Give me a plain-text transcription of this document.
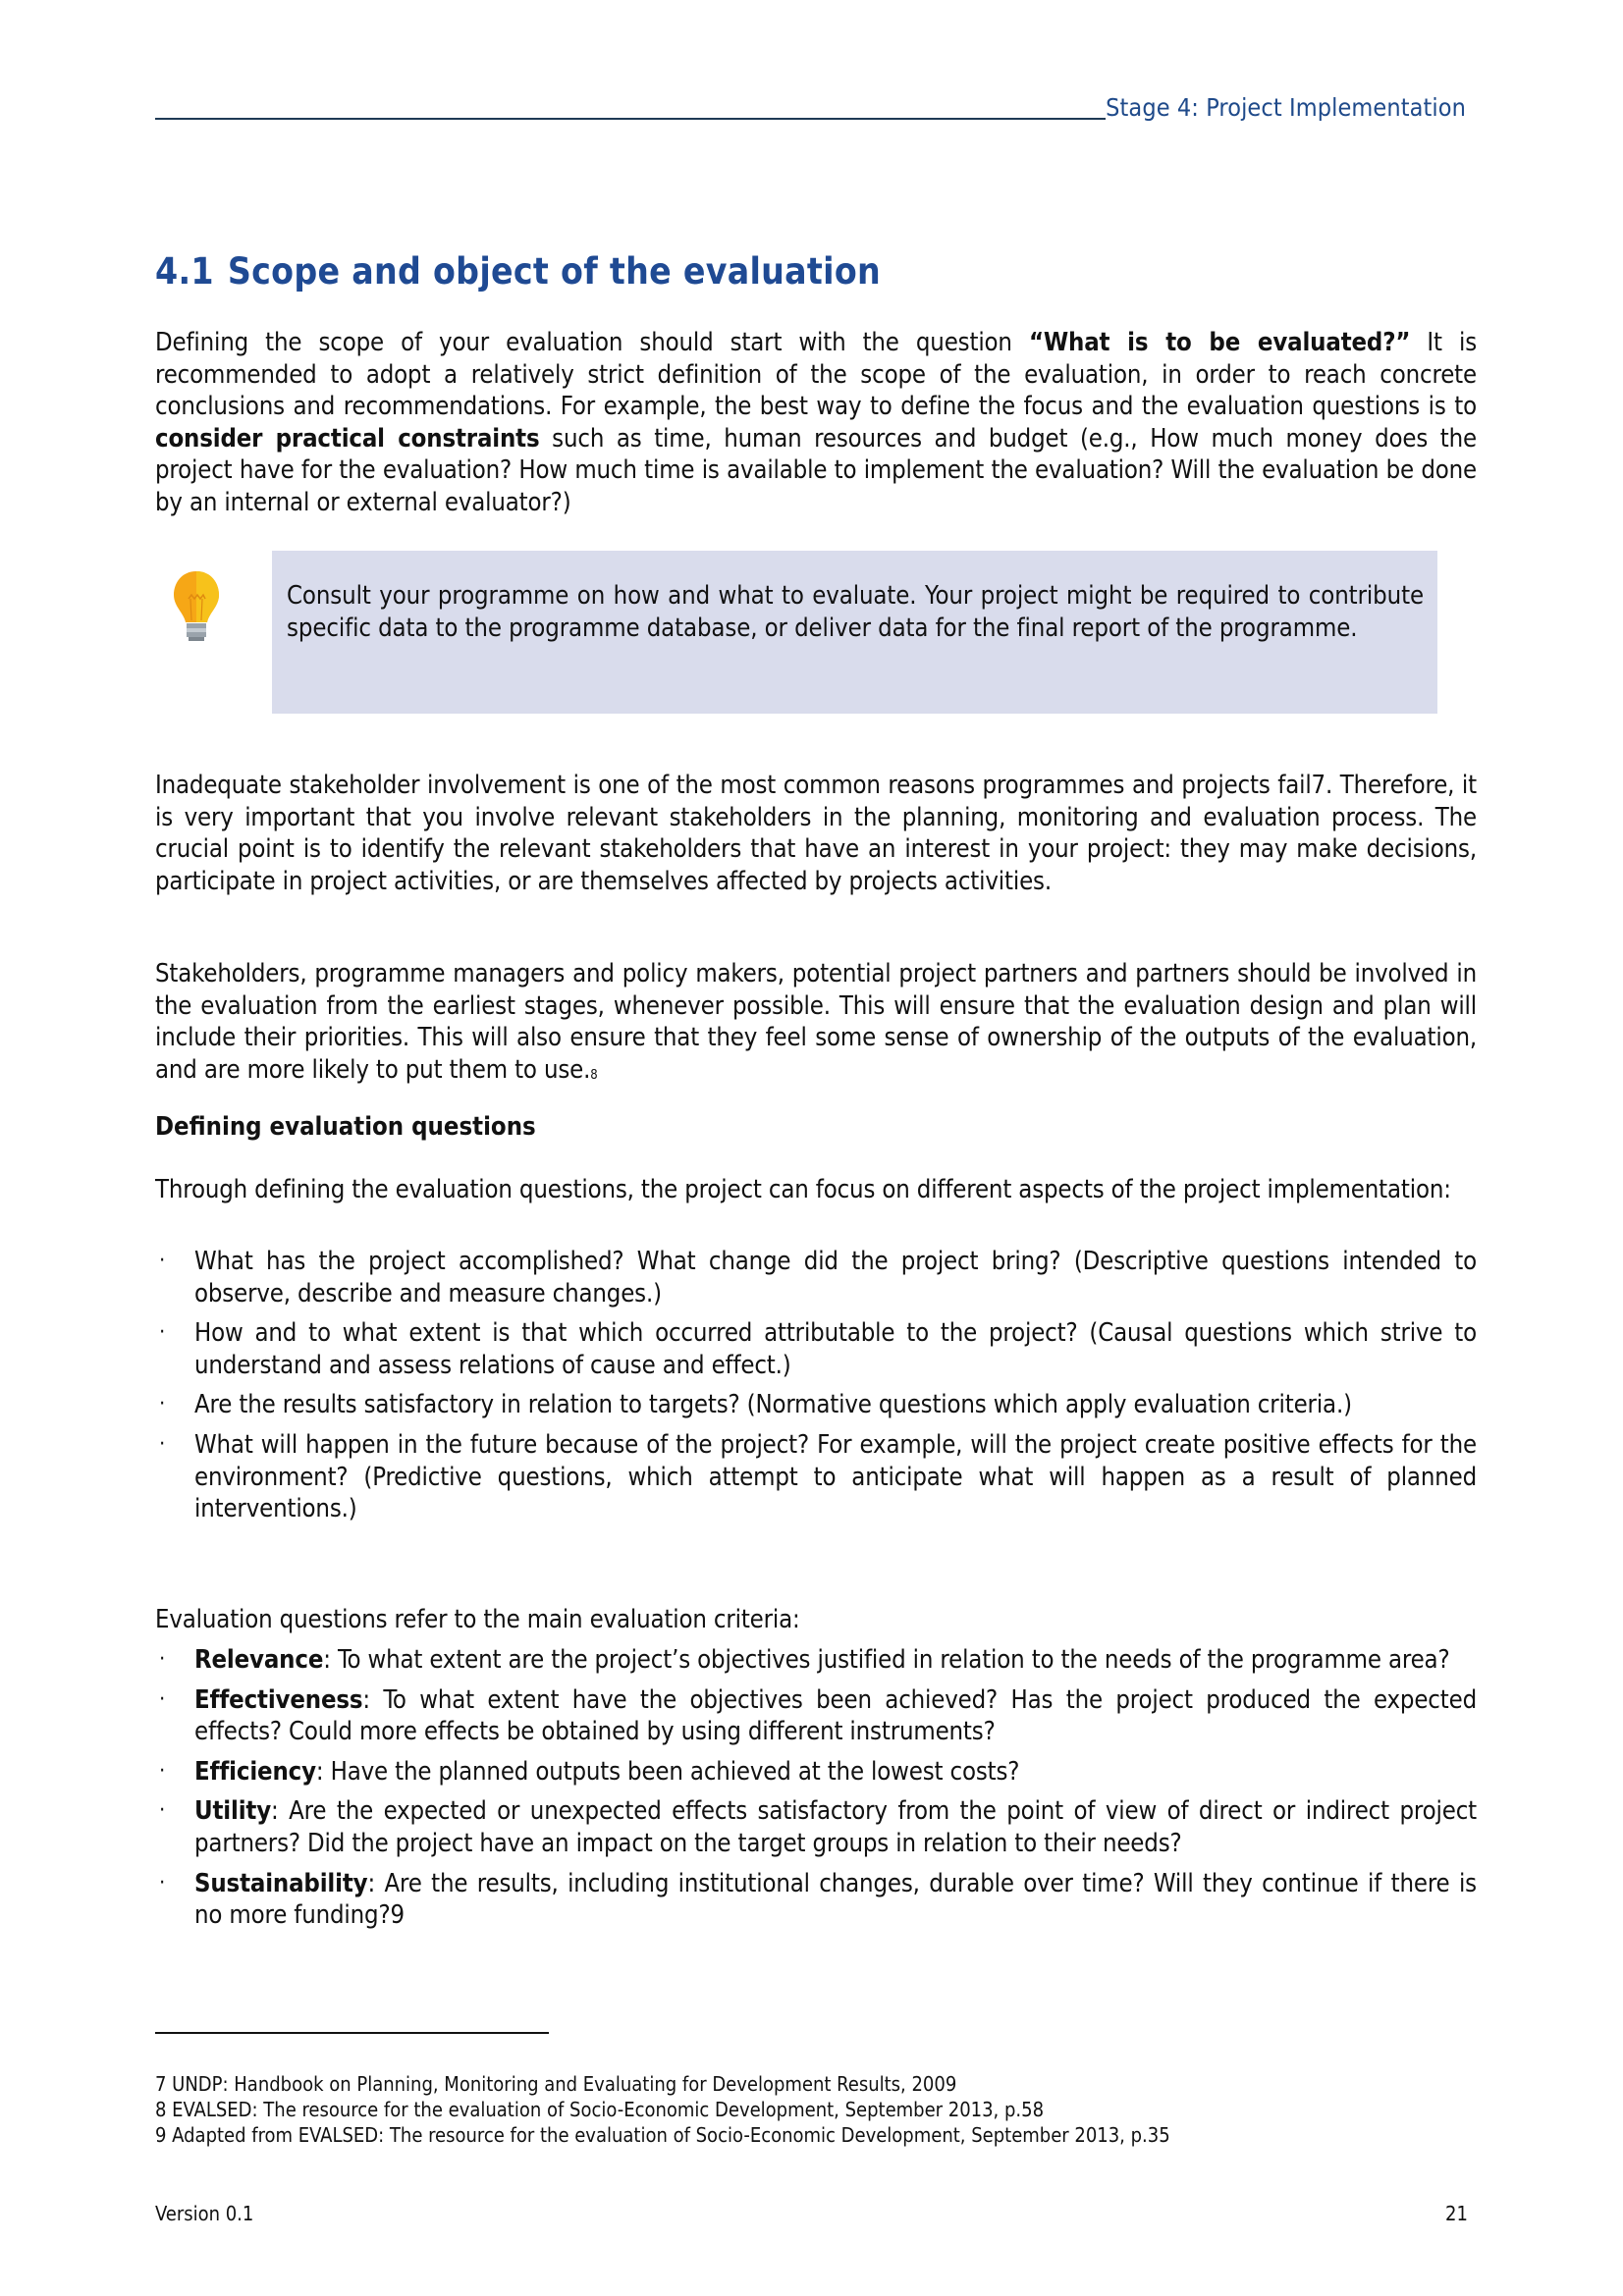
Stage 4: Project Implementation
4.1 Scope and object of the evaluation

Defining the scope of your evaluation should start with the question “What is to be evaluated?” It is recommended to adopt a relatively strict definition of the scope of the evaluation, in order to reach concrete conclusions and recommendations. For example, the best way to define the focus and the evaluation questions is to consider practical constraints such as time, human resources and budget (e.g., How much money does the project have for the evaluation? How much time is available to implement the evaluation? Will the evaluation be done by an internal or external evaluator?)

Consult your programme on how and what to evaluate. Your project might be required to contribute specific data to the programme database, or deliver data for the final report of the programme.

Inadequate stakeholder involvement is one of the most common reasons programmes and projects fail7. Therefore, it is very important that you involve relevant stakeholders in the planning, monitoring and evaluation process. The crucial point is to identify the relevant stakeholders that have an interest in your project: they may make decisions, participate in project activities, or are themselves affected by projects activities.

Stakeholders, programme managers and policy makers, potential project partners and partners should be involved in the evaluation from the earliest stages, whenever possible. This will ensure that the evaluation design and plan will include their priorities. This will also ensure that they feel some sense of ownership of the outputs of the evaluation, and are more likely to put them to use.$^8$

Defining evaluation questions

Through defining the evaluation questions, the project can focus on different aspects of the project implementation:

· What has the project accomplished? What change did the project bring? (Descriptive questions intended to observe, describe and measure changes.)
· How and to what extent is that which occurred attributable to the project? (Causal questions which strive to understand and assess relations of cause and effect.)
· Are the results satisfactory in relation to targets? (Normative questions which apply evaluation criteria.)
· What will happen in the future because of the project? For example, will the project create positive effects for the environment? (Predictive questions, which attempt to anticipate what will happen as a result of planned interventions.)

Evaluation questions refer to the main evaluation criteria:

· Relevance: To what extent are the project’s objectives justified in relation to the needs of the programme area?
· Effectiveness: To what extent have the objectives been achieved? Has the project produced the expected effects? Could more effects be obtained by using different instruments?
· Efficiency: Have the planned outputs been achieved at the lowest costs?
· Utility: Are the expected or unexpected effects satisfactory from the point of view of direct or indirect project partners? Did the project have an impact on the target groups in relation to their needs?
· Sustainability: Are the results, including institutional changes, durable over time? Will they continue if there is no more funding?9
7 UNDP: Handbook on Planning, Monitoring and Evaluating for Development Results, 2009
8 EVALSED: The resource for the evaluation of Socio-Economic Development, September 2013, p.58
9 Adapted from EVALSED: The resource for the evaluation of Socio-Economic Development, September 2013, p.35
Version 0.1	21
